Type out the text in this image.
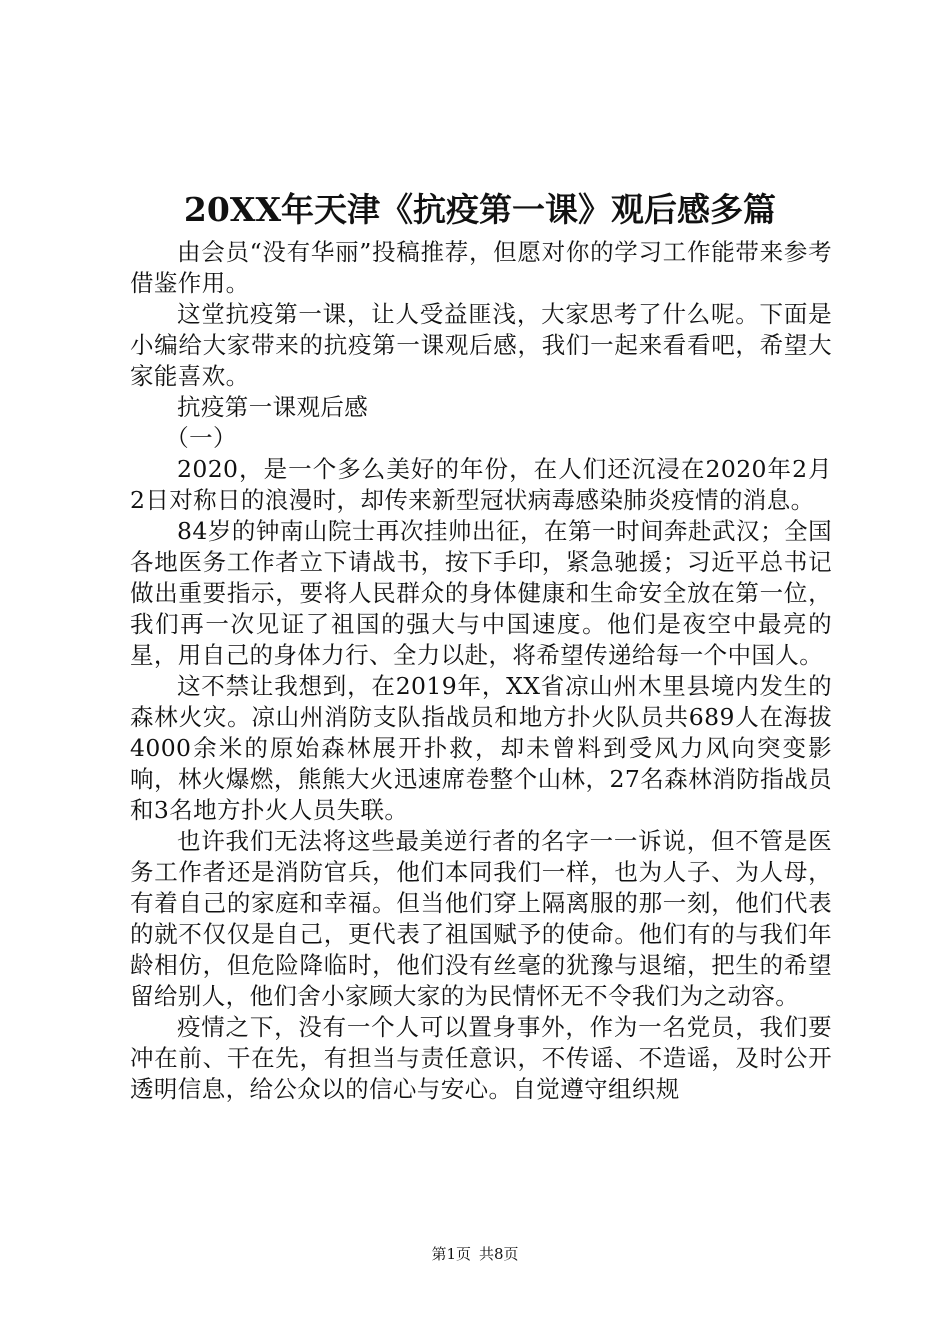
20XX年天津《抗疫第一课》观后感多篇

由会员“没有华丽”投稿推荐，但愿对你的学习工作能带来参考借鉴作用。

这堂抗疫第一课，让人受益匪浅，大家思考了什么呢。下面是小编给大家带来的抗疫第一课观后感，我们一起来看看吧，希望大家能喜欢。

抗疫第一课观后感

（一）

2020，是一个多么美好的年份，在人们还沉浸在2020年2月2日对称日的浪漫时，却传来新型冠状病毒感染肺炎疫情的消息。

84岁的钟南山院士再次挂帅出征，在第一时间奔赴武汉；全国各地医务工作者立下请战书，按下手印，紧急驰援；习近平总书记做出重要指示，要将人民群众的身体健康和生命安全放在第一位，我们再一次见证了祖国的强大与中国速度。他们是夜空中最亮的星，用自己的身体力行、全力以赴，将希望传递给每一个中国人。

这不禁让我想到，在2019年，XX省凉山州木里县境内发生的森林火灾。凉山州消防支队指战员和地方扑火队员共689人在海拔4000余米的原始森林展开扑救，却未曾料到受风力风向突变影响，林火爆燃，熊熊大火迅速席卷整个山林，27名森林消防指战员和3名地方扑火人员失联。

也许我们无法将这些最美逆行者的名字一一诉说，但不管是医务工作者还是消防官兵，他们本同我们一样，也为人子、为人母，有着自己的家庭和幸福。但当他们穿上隔离服的那一刻，他们代表的就不仅仅是自己，更代表了祖国赋予的使命。他们有的与我们年龄相仿，但危险降临时，他们没有丝毫的犹豫与退缩，把生的希望留给别人，他们舍小家顾大家的为民情怀无不令我们为之动容。

疫情之下，没有一个人可以置身事外，作为一名党员，我们要冲在前、干在先，有担当与责任意识，不传谣、不造谣，及时公开透明信息，给公众以的信心与安心。自觉遵守组织规

第1页 共8页
